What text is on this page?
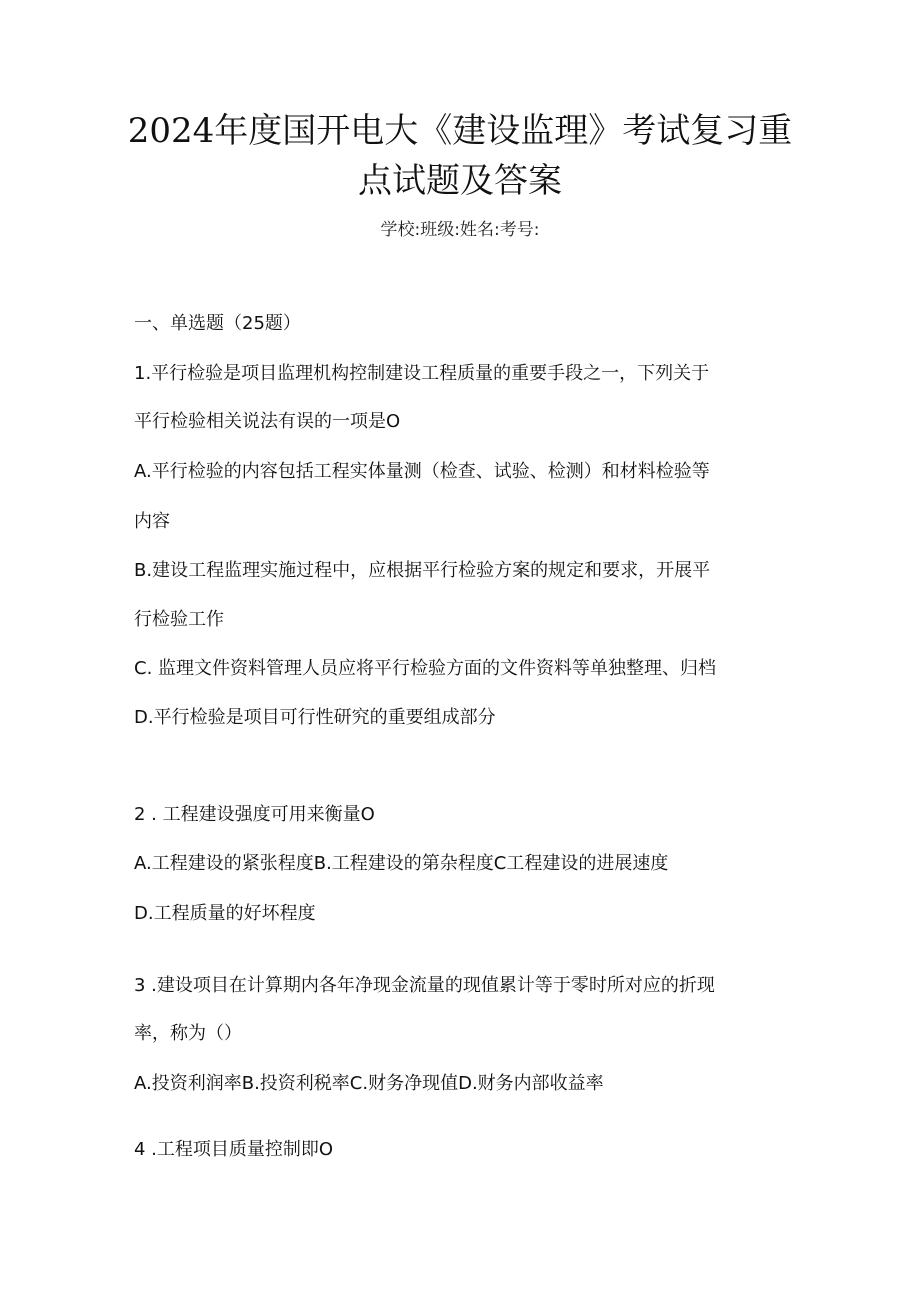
2024年度国开电大《建设监理》考试复习重
点试题及答案
学校:班级:姓名:考号:
一、单选题（25题）
1.平行检验是项目监理机构控制建设工程质量的重要手段之一，下列关于
平行检验相关说法有误的一项是O
A.平行检验的内容包括工程实体量测（检查、试验、检测）和材料检验等
内容
B.建设工程监理实施过程中，应根据平行检验方案的规定和要求，开展平
行检验工作
C. 监理文件资料管理人员应将平行检验方面的文件资料等单独整理、归档
D.平行检验是项目可行性研究的重要组成部分
2 . 工程建设强度可用来衡量O
A.工程建设的紧张程度B.工程建设的第杂程度C工程建设的进展速度
D.工程质量的好坏程度
3 .建设项目在计算期内各年净现金流量的现值累计等于零时所对应的折现
率，称为（）
A.投资利润率B.投资利税率C.财务净现值D.财务内部收益率
4 .工程项目质量控制即O
